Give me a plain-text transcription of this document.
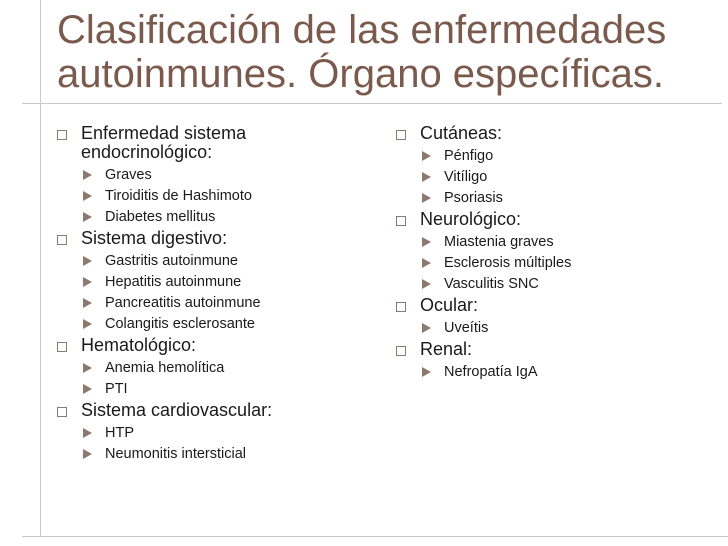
Clasificación de las enfermedades
autoinmunes. Órgano específicas.
Enfermedad sistema
endocrinológico:
Graves
Tiroiditis de Hashimoto
Diabetes mellitus
Sistema digestivo:
Gastritis autoinmune
Hepatitis autoinmune
Pancreatitis autoinmune
Colangitis esclerosante
Hematológico:
Anemia hemolítica
PTI
Sistema cardiovascular:
HTP
Neumonitis intersticial
Cutáneas:
Pénfigo
Vitíligo
Psoriasis
Neurológico:
Miastenia graves
Esclerosis múltiples
Vasculitis SNC
Ocular:
Uveítis
Renal:
Nefropatía IgA
